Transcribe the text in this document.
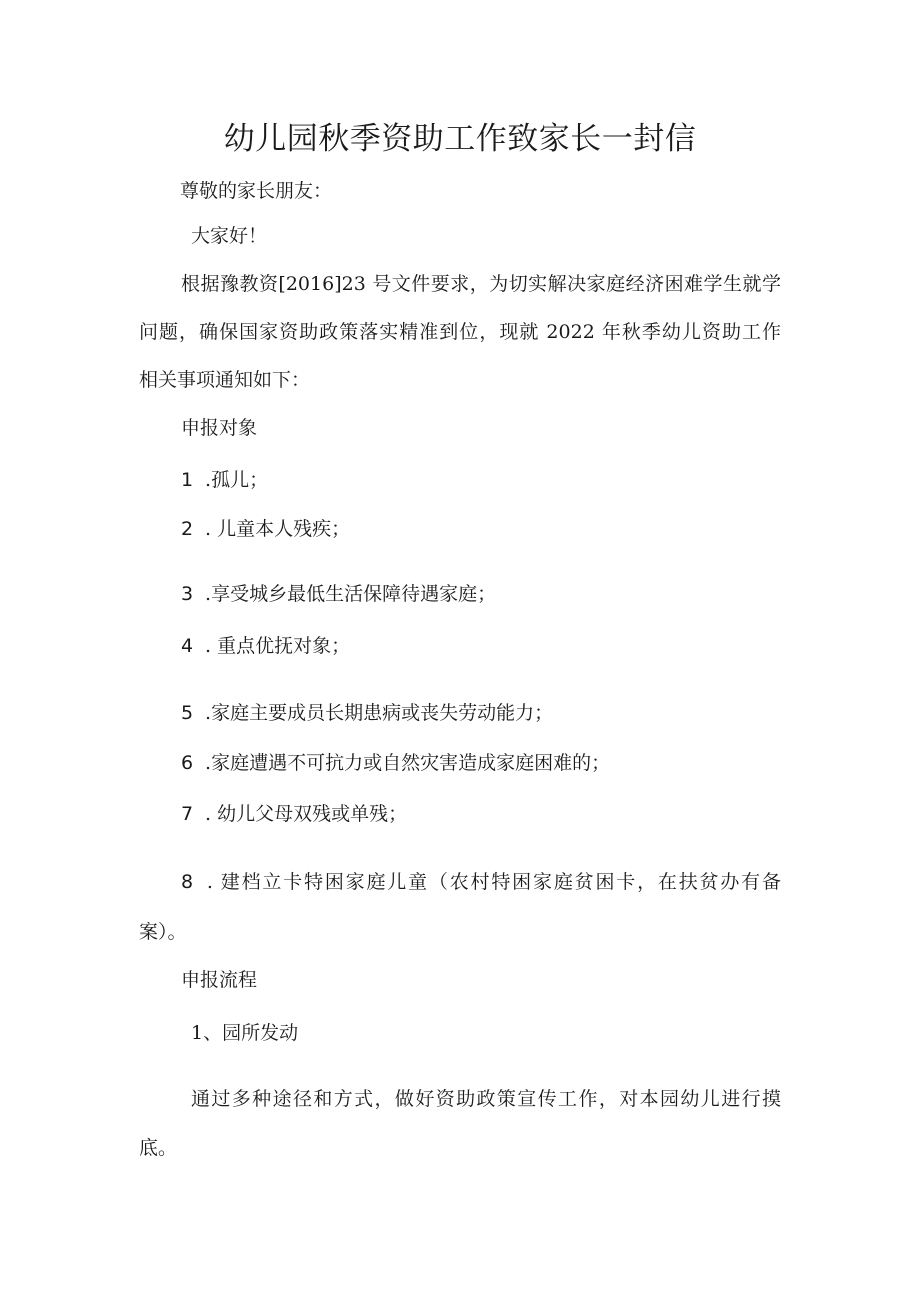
幼儿园秋季资助工作致家长一封信

尊敬的家长朋友：

大家好！

根据豫教资[2016]23 号文件要求，为切实解决家庭经济困难学生就学

问题，确保国家资助政策落实精准到位，现就 2022 年秋季幼儿资助工作

相关事项通知如下：

申报对象

1 .孤儿；

2 . 儿童本人残疾；

3 .享受城乡最低生活保障待遇家庭；

4 . 重点优抚对象；

5 .家庭主要成员长期患病或丧失劳动能力；

6 .家庭遭遇不可抗力或自然灾害造成家庭困难的；

7 . 幼儿父母双残或单残；

8 . 建档立卡特困家庭儿童（农村特困家庭贫困卡，在扶贫办有备

案）。

申报流程

1、园所发动

通过多种途径和方式，做好资助政策宣传工作，对本园幼儿进行摸

底。
